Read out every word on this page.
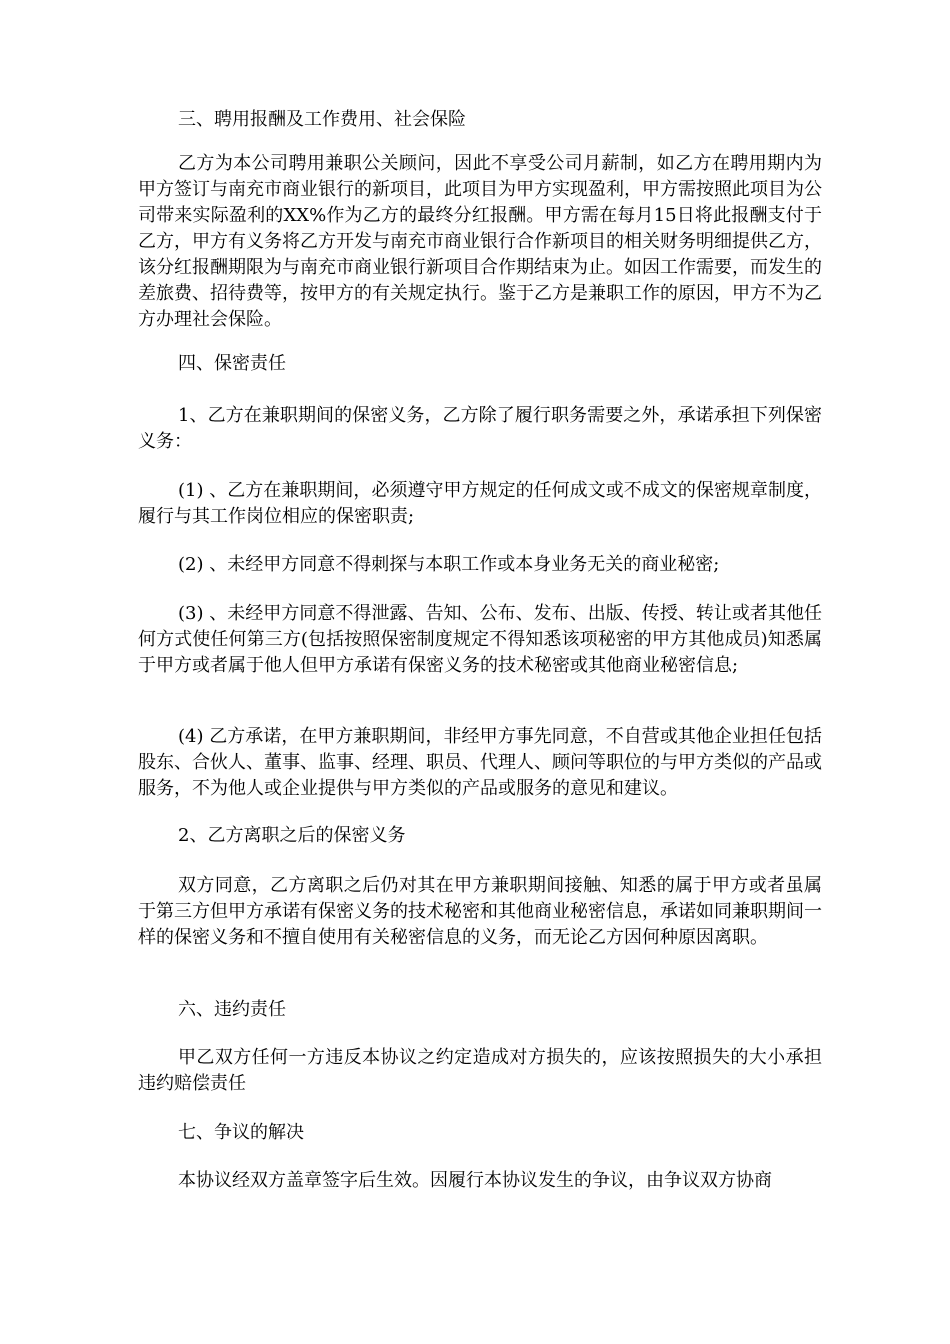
三、聘用报酬及工作费用、社会保险

乙方为本公司聘用兼职公关顾问，因此不享受公司月薪制，如乙方在聘用期内为甲方签订与南充市商业银行的新项目，此项目为甲方实现盈利，甲方需按照此项目为公司带来实际盈利的XX%作为乙方的最终分红报酬。甲方需在每月15日将此报酬支付于乙方，甲方有义务将乙方开发与南充市商业银行合作新项目的相关财务明细提供乙方，该分红报酬期限为与南充市商业银行新项目合作期结束为止。如因工作需要，而发生的差旅费、招待费等，按甲方的有关规定执行。鉴于乙方是兼职工作的原因，甲方不为乙方办理社会保险。

四、保密责任

1、乙方在兼职期间的保密义务，乙方除了履行职务需要之外，承诺承担下列保密义务：

(1) 、乙方在兼职期间，必须遵守甲方规定的任何成文或不成文的保密规章制度，履行与其工作岗位相应的保密职责;

(2) 、未经甲方同意不得刺探与本职工作或本身业务无关的商业秘密;

(3) 、未经甲方同意不得泄露、告知、公布、发布、出版、传授、转让或者其他任何方式使任何第三方(包括按照保密制度规定不得知悉该项秘密的甲方其他成员)知悉属于甲方或者属于他人但甲方承诺有保密义务的技术秘密或其他商业秘密信息;

(4) 乙方承诺，在甲方兼职期间，非经甲方事先同意，不自营或其他企业担任包括股东、合伙人、董事、监事、经理、职员、代理人、顾问等职位的与甲方类似的产品或服务，不为他人或企业提供与甲方类似的产品或服务的意见和建议。

2、乙方离职之后的保密义务

双方同意，乙方离职之后仍对其在甲方兼职期间接触、知悉的属于甲方或者虽属于第三方但甲方承诺有保密义务的技术秘密和其他商业秘密信息，承诺如同兼职期间一样的保密义务和不擅自使用有关秘密信息的义务，而无论乙方因何种原因离职。

六、违约责任

甲乙双方任何一方违反本协议之约定造成对方损失的，应该按照损失的大小承担违约赔偿责任

七、争议的解决

本协议经双方盖章签字后生效。因履行本协议发生的争议，由争议双方协商
